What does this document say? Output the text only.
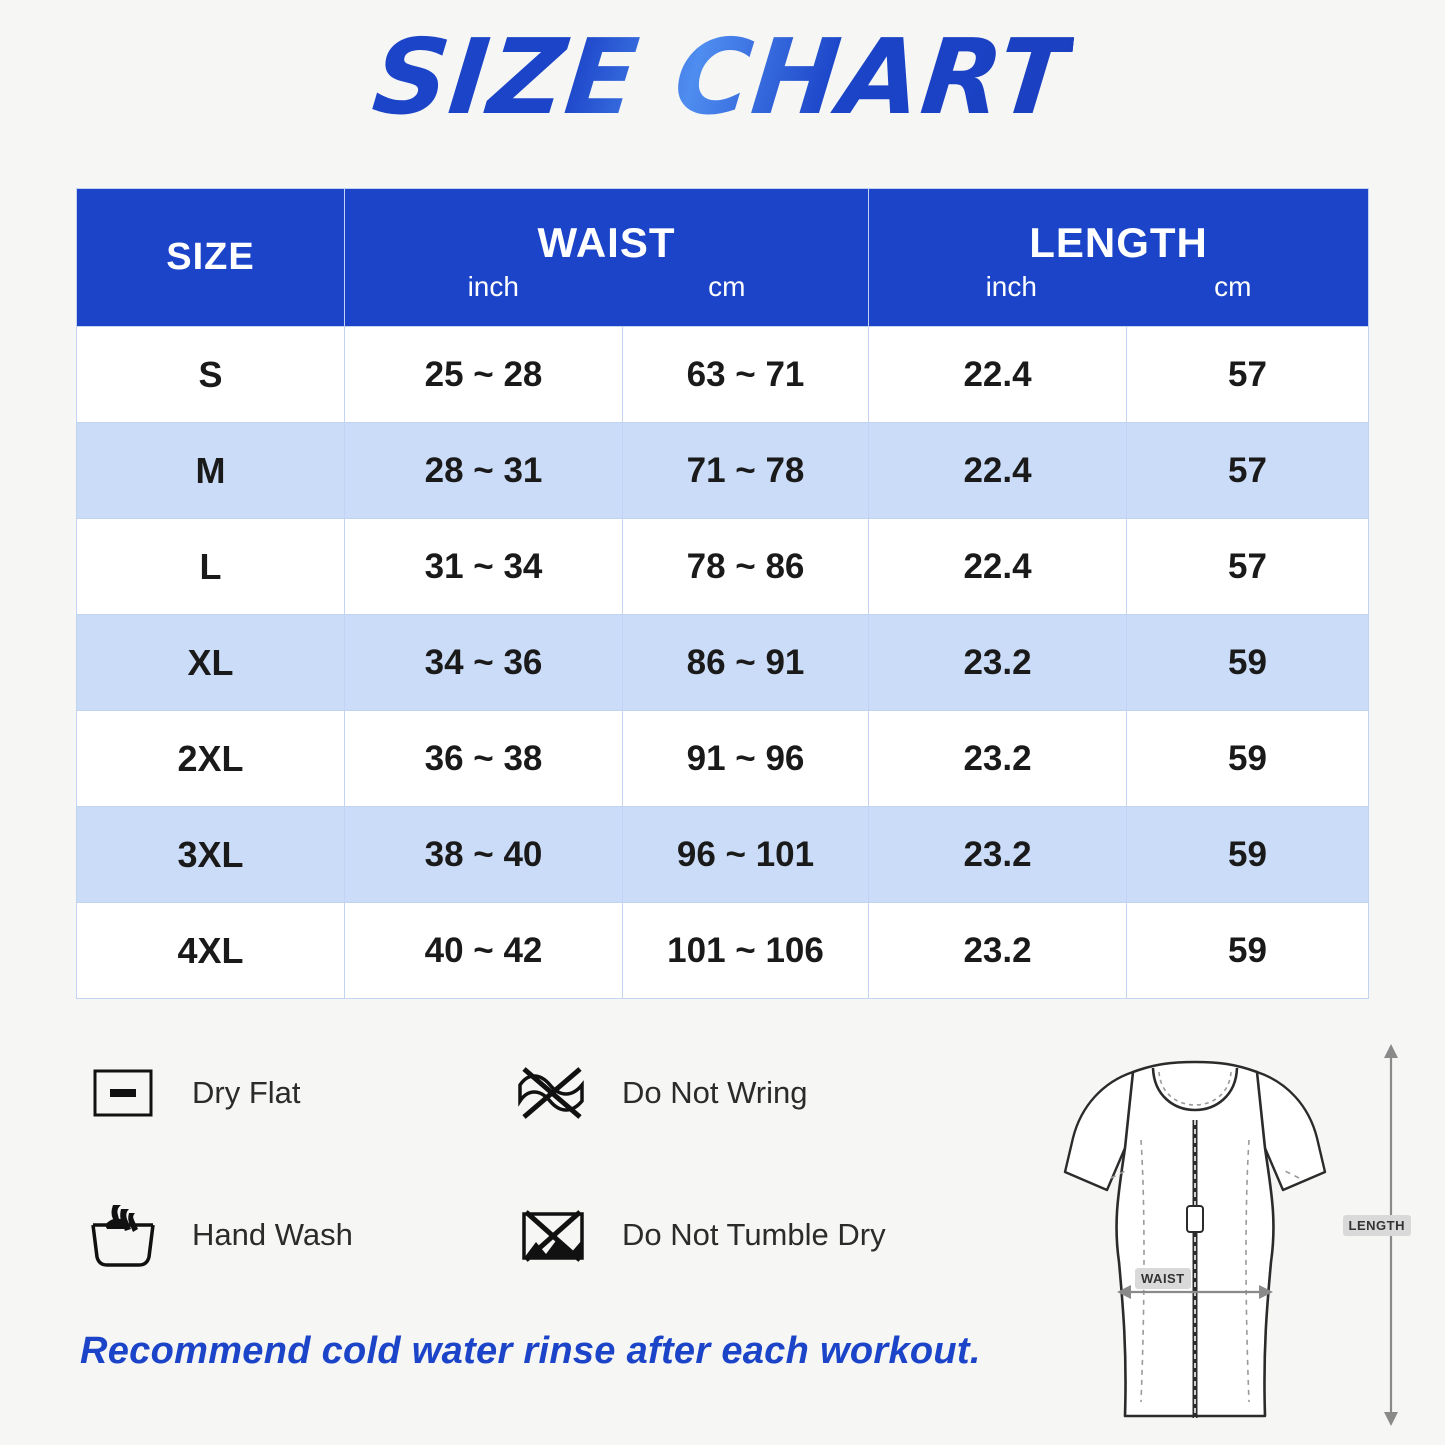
SIZE CHART
SIZE	WAIST
inch	cm

LENGTH
inch	cm

S	25 ~ 28	63 ~ 71	22.4	57
M	28 ~ 31	71 ~ 78	22.4	57
L	31 ~ 34	78 ~ 86	22.4	57
XL	34 ~ 36	86 ~ 91	23.2	59
2XL	36 ~ 38	91 ~ 96	23.2	59
3XL	38 ~ 40	96 ~ 101	23.2	59
4XL	40 ~ 42	101 ~ 106	23.2	59
Dry Flat	Do Not Wring
Hand Wash	Do Not Tumble Dry
Recommend cold water rinse after each workout.
LENGTH
WAIST
